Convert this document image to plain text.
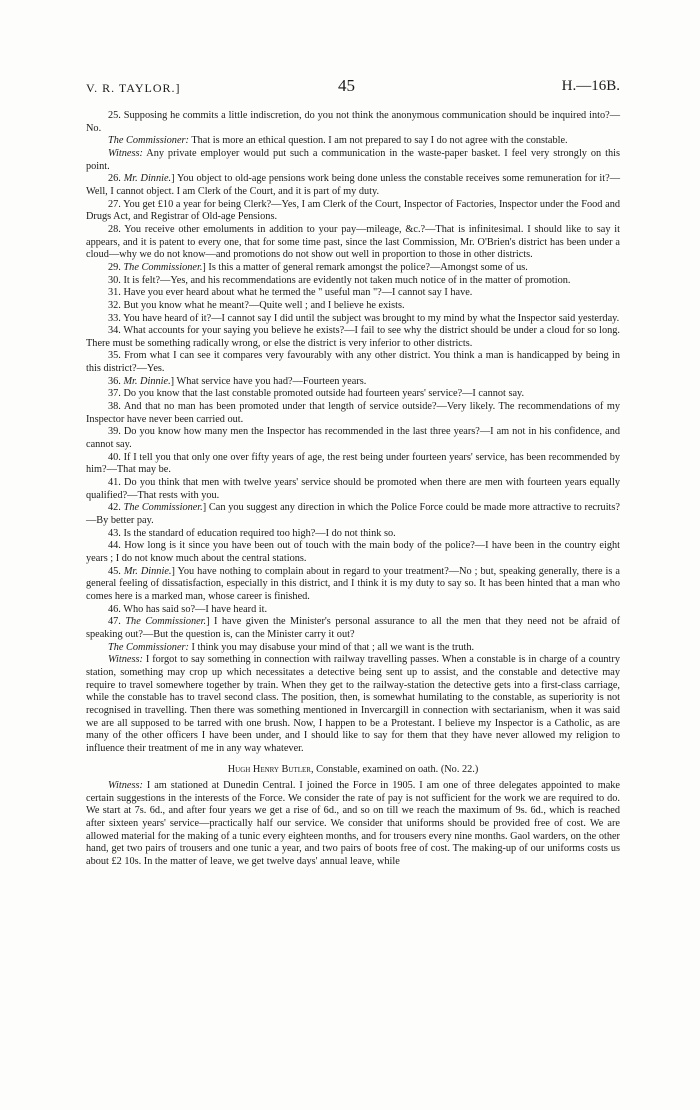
V. R. TAYLOR.]	45	H.—16B.

25. Supposing he commits a little indiscretion, do you not think the anonymous communication should be inquired into?—No.

The Commissioner: That is more an ethical question. I am not prepared to say I do not agree with the constable.

Witness: Any private employer would put such a communication in the waste-paper basket. I feel very strongly on this point.

26. Mr. Dinnie.] You object to old-age pensions work being done unless the constable receives some remuneration for it?—Well, I cannot object. I am Clerk of the Court, and it is part of my duty.

27. You get £10 a year for being Clerk?—Yes, I am Clerk of the Court, Inspector of Factories, Inspector under the Food and Drugs Act, and Registrar of Old-age Pensions.

28. You receive other emoluments in addition to your pay—mileage, &c.?—That is infinitesimal. I should like to say it appears, and it is patent to every one, that for some time past, since the last Commission, Mr. O'Brien's district has been under a cloud—why we do not know—and promotions do not show out well in proportion to those in other districts.

29. The Commissioner.] Is this a matter of general remark amongst the police?—Amongst some of us.

30. It is felt?—Yes, and his recommendations are evidently not taken much notice of in the matter of promotion.

31. Have you ever heard about what he termed the " useful man "?—I cannot say I have.

32. But you know what he meant?—Quite well ; and I believe he exists.

33. You have heard of it?—I cannot say I did until the subject was brought to my mind by what the Inspector said yesterday.

34. What accounts for your saying you believe he exists?—I fail to see why the district should be under a cloud for so long. There must be something radically wrong, or else the district is very inferior to other districts.

35. From what I can see it compares very favourably with any other district. You think a man is handicapped by being in this district?—Yes.

36. Mr. Dinnie.] What service have you had?—Fourteen years.

37. Do you know that the last constable promoted outside had fourteen years' service?—I cannot say.

38. And that no man has been promoted under that length of service outside?—Very likely. The recommendations of my Inspector have never been carried out.

39. Do you know how many men the Inspector has recommended in the last three years?—I am not in his confidence, and cannot say.

40. If I tell you that only one over fifty years of age, the rest being under fourteen years' service, has been recommended by him?—That may be.

41. Do you think that men with twelve years' service should be promoted when there are men with fourteen years equally qualified?—That rests with you.

42. The Commissioner.] Can you suggest any direction in which the Police Force could be made more attractive to recruits?—By better pay.

43. Is the standard of education required too high?—I do not think so.

44. How long is it since you have been out of touch with the main body of the police?—I have been in the country eight years ; I do not know much about the central stations.

45. Mr. Dinnie.] You have nothing to complain about in regard to your treatment?—No ; but, speaking generally, there is a general feeling of dissatisfaction, especially in this district, and I think it is my duty to say so. It has been hinted that a man who comes here is a marked man, whose career is finished.

46. Who has said so?—I have heard it.

47. The Commissioner.] I have given the Minister's personal assurance to all the men that they need not be afraid of speaking out?—But the question is, can the Minister carry it out?

The Commissioner: I think you may disabuse your mind of that ; all we want is the truth.

Witness: I forgot to say something in connection with railway travelling passes. When a constable is in charge of a country station, something may crop up which necessitates a detective being sent up to assist, and the constable and detective may require to travel somewhere together by train. When they get to the railway-station the detective gets into a first-class carriage, while the constable has to travel second class. The position, then, is somewhat humilating to the constable, as superiority is not recognised in travelling. Then there was something mentioned in Invercargill in connection with sectarianism, when it was said we are all supposed to be tarred with one brush. Now, I happen to be a Protestant. I believe my Inspector is a Catholic, as are many of the other officers I have been under, and I should like to say for them that they have never allowed my religion to influence their treatment of me in any way whatever.

Hugh Henry Butler, Constable, examined on oath. (No. 22.)

Witness: I am stationed at Dunedin Central. I joined the Force in 1905. I am one of three delegates appointed to make certain suggestions in the interests of the Force. We consider the rate of pay is not sufficient for the work we are required to do. We start at 7s. 6d., and after four years we get a rise of 6d., and so on till we reach the maximum of 9s. 6d., which is reached after sixteen years' service—practically half our service. We consider that uniforms should be provided free of cost. We are allowed material for the making of a tunic every eighteen months, and for trousers every nine months. Gaol warders, on the other hand, get two pairs of trousers and one tunic a year, and two pairs of boots free of cost. The making-up of our uniforms costs us about £2 10s. In the matter of leave, we get twelve days' annual leave, while
